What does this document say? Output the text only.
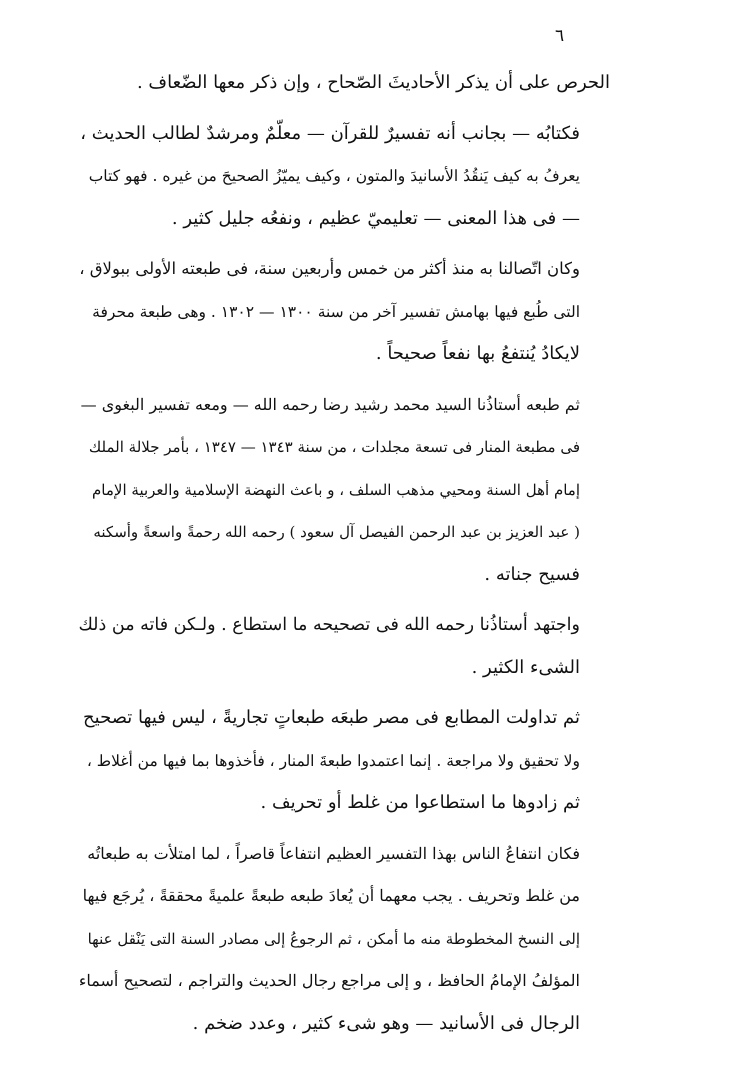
٦

الحرص على أن يذكر الأحاديثَ الصّحاح ، وإن ذكر معها الضّعاف .

فكتابُه — بجانب أنه تفسيرٌ للقرآن — معلّمٌ ومرشدٌ لطالب الحديث ،
يعرفُ به كيف يَنقُدُ الأسانيدَ والمتون ، وكيف يميّزُ الصحيحَ من غيره . فهو كتاب
— فى هذا المعنى — تعليميّ عظيم ، ونفعُه جليل كثير .

وكان اتّصالنا به منذ أكثر من خمس وأربعين سنة، فى طبعته الأولى ببولاق ،
التى طُبع فيها بهامش تفسير آخر من سنة ١٣٠٠ — ١٣٠٢ . وهى طبعة محرفة
لايكادُ يُنتفعُ بها نفعاً صحيحاً .

ثم طبعه أستاذُنا السيد محمد رشيد رضا رحمه الله — ومعه تفسير البغوى —
فى مطبعة المنار فى تسعة مجلدات ، من سنة ١٣٤٣ — ١٣٤٧ ، بأمر جلالة الملك
إمام أهل السنة ومحيي مذهب السلف ، و باعث النهضة الإسلامية والعربية الإمام
( عبد العزيز بن عبد الرحمن الفيصل آل سعود ) رحمه الله رحمةً واسعةً وأسكنه
فسيح جناته .

واجتهد أستاذُنا رحمه الله فى تصحيحه ما استطاع . ولـكن فاته من ذلك
الشىء الكثير .

ثم تداولت المطابع فى مصر طبعَه طبعاتٍ تجاريةً ، ليس فيها تصحيح
ولا تحقيق ولا مراجعة . إنما اعتمدوا طبعةَ المنار ، فأخذوها بما فيها من أغلاط ،
ثم زادوها ما استطاعوا من غلط أو تحريف .

فكان انتفاعُ الناس بهذا التفسير العظيم انتفاعاً قاصراً ، لما امتلأت به طبعاتُه
من غلط وتحريف . يجب معهما أن يُعادَ طبعه طبعةً علميةً محققةً ، يُرجَع فيها
إلى النسخ المخطوطة منه ما أمكن ، ثم الرجوعُ إلى مصادر السنة التى يَنْقل عنها
المؤلفُ الإمامُ الحافظ ، و إلى مراجع رجال الحديث والتراجم ، لتصحيح أسماء
الرجال فى الأسانيد — وهو شىء كثير ، وعدد ضخم .
